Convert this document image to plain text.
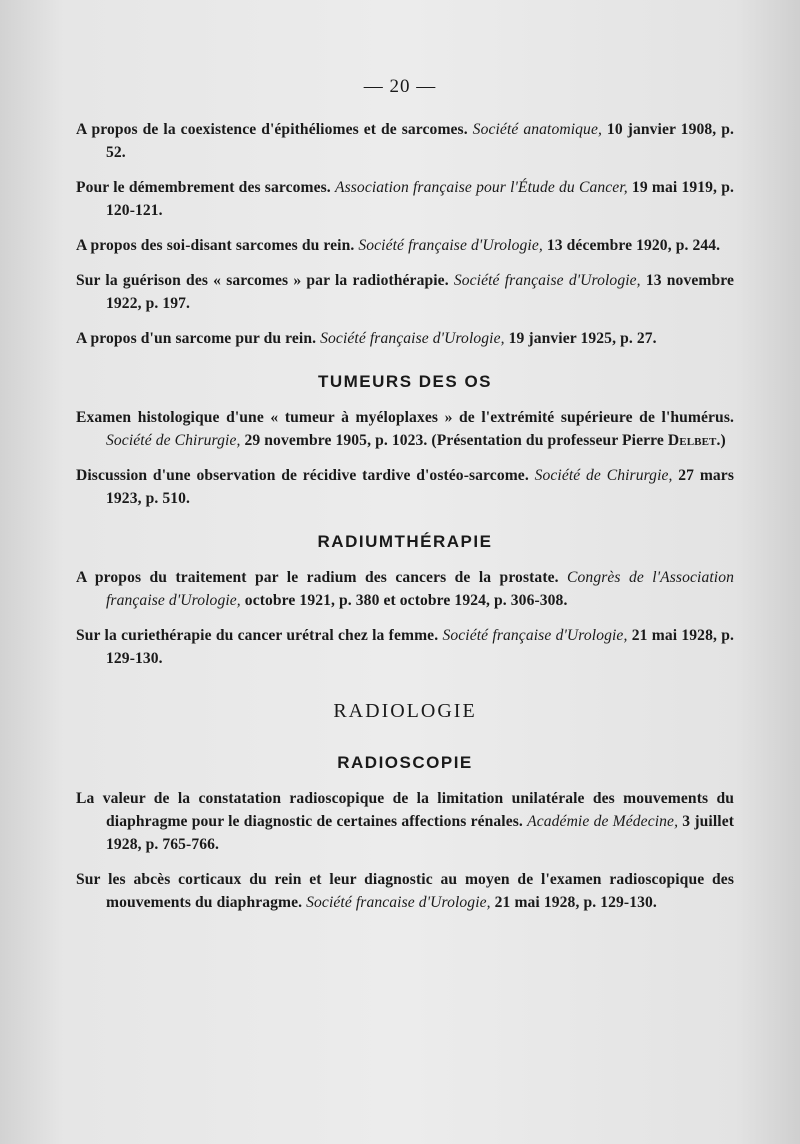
— 20 —

A propos de la coexistence d'épithéliomes et de sarcomes. Société anatomique, 10 janvier 1908, p. 52.

Pour le démembrement des sarcomes. Association française pour l'Étude du Cancer, 19 mai 1919, p. 120-121.

A propos des soi-disant sarcomes du rein. Société française d'Urologie, 13 décembre 1920, p. 244.

Sur la guérison des « sarcomes » par la radiothérapie. Société française d'Urologie, 13 novembre 1922, p. 197.

A propos d'un sarcome pur du rein. Société française d'Urologie, 19 janvier 1925, p. 27.

TUMEURS DES OS

Examen histologique d'une « tumeur à myéloplaxes » de l'extrémité supérieure de l'humérus. Société de Chirurgie, 29 novembre 1905, p. 1023. (Présentation du professeur Pierre Delbet.)

Discussion d'une observation de récidive tardive d'ostéo-sarcome. Société de Chirurgie, 27 mars 1923, p. 510.

RADIUMTHÉRAPIE

A propos du traitement par le radium des cancers de la prostate. Congrès de l'Association française d'Urologie, octobre 1921, p. 380 et octobre 1924, p. 306-308.

Sur la curiethérapie du cancer urétral chez la femme. Société française d'Urologie, 21 mai 1928, p. 129-130.

RADIOLOGIE
RADIOSCOPIE

La valeur de la constatation radioscopique de la limitation unilatérale des mouvements du diaphragme pour le diagnostic de certaines affections rénales. Académie de Médecine, 3 juillet 1928, p. 765-766.

Sur les abcès corticaux du rein et leur diagnostic au moyen de l'examen radioscopique des mouvements du diaphragme. Société francaise d'Urologie, 21 mai 1928, p. 129-130.
